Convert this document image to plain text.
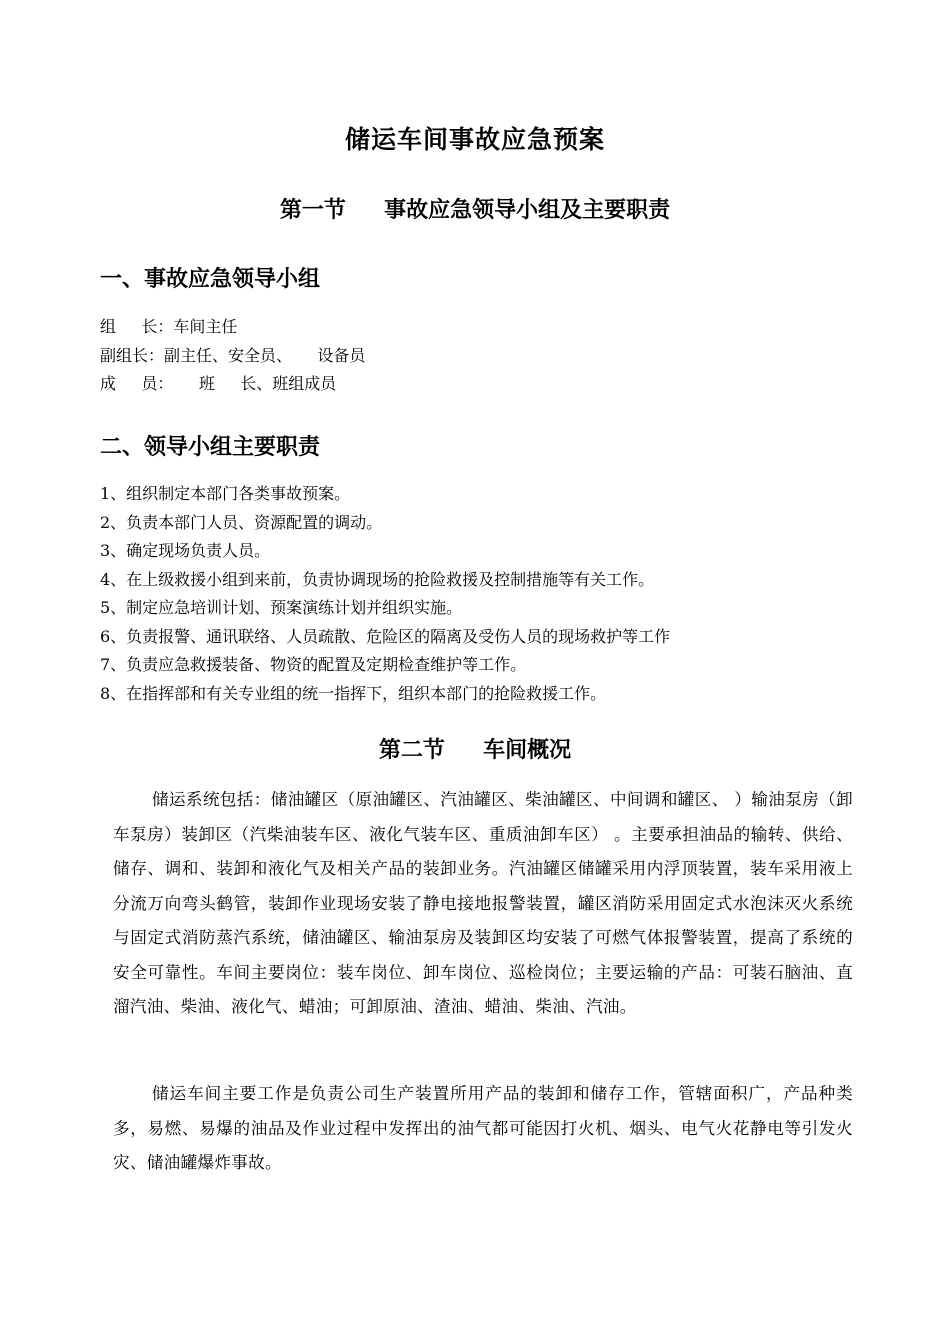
储运车间事故应急预案
第一节     事故应急领导小组及主要职责
一、事故应急领导小组
组     长：车间主任
副组长：副主任、安全员、     设备员
成     员：     班     长、班组成员
二、领导小组主要职责
1、组织制定本部门各类事故预案。
2、负责本部门人员、资源配置的调动。
3、确定现场负责人员。
4、在上级救援小组到来前，负责协调现场的抢险救援及控制措施等有关工作。
5、制定应急培训计划、预案演练计划并组织实施。
6、负责报警、通讯联络、人员疏散、危险区的隔离及受伤人员的现场救护等工作
7、负责应急救援装备、物资的配置及定期检查维护等工作。
8、在指挥部和有关专业组的统一指挥下，组织本部门的抢险救援工作。
第二节     车间概况

储运系统包括：储油罐区（原油罐区、汽油罐区、柴油罐区、中间调和罐区、 ）输油泵房（卸车泵房）装卸区（汽柴油装车区、液化气装车区、重质油卸车区） 。主要承担油品的输转、供给、储存、调和、装卸和液化气及相关产品的装卸业务。汽油罐区储罐采用内浮顶装置，装车采用液上分流万向弯头鹤管，装卸作业现场安装了静电接地报警装置，罐区消防采用固定式水泡沫灭火系统与固定式消防蒸汽系统，储油罐区、输油泵房及装卸区均安装了可燃气体报警装置，提高了系统的安全可靠性。车间主要岗位：装车岗位、卸车岗位、巡检岗位；主要运输的产品：可装石脑油、直溜汽油、柴油、液化气、蜡油；可卸原油、渣油、蜡油、柴油、汽油。

储运车间主要工作是负责公司生产装置所用产品的装卸和储存工作，管辖面积广，产品种类多，易燃、易爆的油品及作业过程中发挥出的油气都可能因打火机、烟头、电气火花静电等引发火灾、储油罐爆炸事故。
